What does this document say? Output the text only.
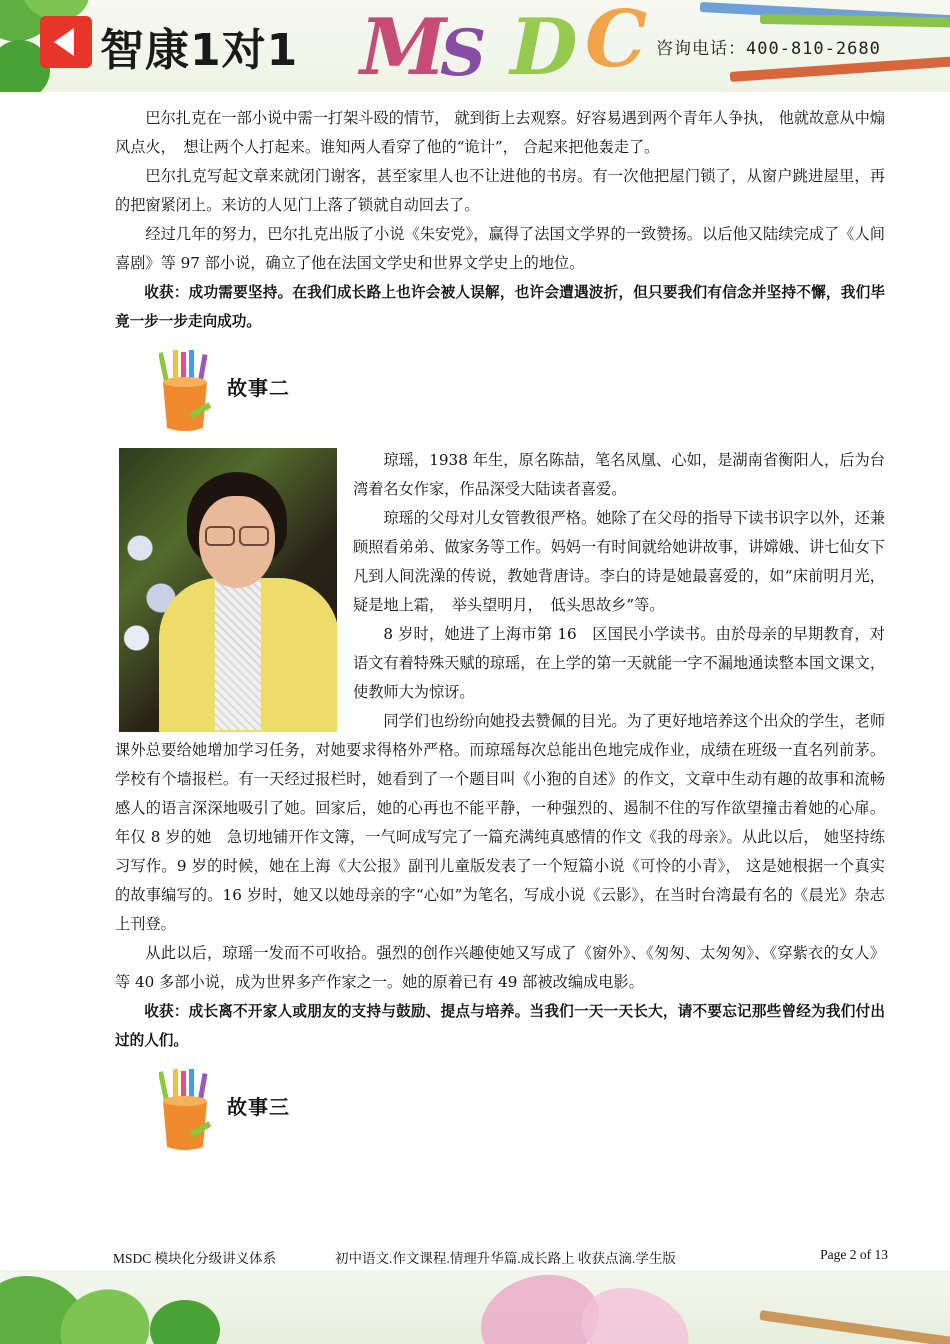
智康1对1 M
S D C 咨询电话：400-810-2680

巴尔扎克在一部小说中需一打架斗殴的情节， 就到街上去观察。好容易遇到两个青年人争执， 他就故意从中煽风点火，　想让两个人打起来。谁知两人看穿了他的“诡计”， 合起来把他轰走了。

巴尔扎克写起文章来就闭门谢客，甚至家里人也不让进他的书房。有一次他把屋门锁了，从窗户跳进屋里，再的把窗紧闭上。来访的人见门上落了锁就自动回去了。

经过几年的努力，巴尔扎克出版了小说《朱安党》，赢得了法国文学界的一致赞扬。以后他又陆续完成了《人间喜剧》等 97 部小说，确立了他在法国文学史和世界文学史上的地位。

收获：成功需要坚持。在我们成长路上也许会被人误解，也许会遭遇波折，但只要我们有信念并坚持不懈，我们毕竟一步一步走向成功。

故事二

琼瑶，1938 年生，原名陈喆，笔名凤凰、心如，是湖南省衡阳人，后为台湾着名女作家，作品深受大陆读者喜爱。

琼瑶的父母对儿女管教很严格。她除了在父母的指导下读书识字以外，还兼顾照看弟弟、做家务等工作。妈妈一有时间就给她讲故事，讲嫦娥、讲七仙女下凡到人间洗澡的传说，教她背唐诗。李白的诗是她最喜爱的，如“床前明月光，疑是地上霜，　举头望明月，　低头思故乡”等。

8 岁时，她进了上海市第 16　区国民小学读书。由於母亲的早期教育，对语文有着特殊天赋的琼瑶，在上学的第一天就能一字不漏地通读整本国文课文，使教师大为惊讶。

同学们也纷纷向她投去赞佩的目光。为了更好地培养这个出众的学生，老师课外总要给她增加学习任务，对她要求得格外严格。而琼瑶每次总能出色地完成作业，成绩在班级一直名列前茅。学校有个墙报栏。有一天经过报栏时，她看到了一个题目叫《小狍的自述》的作文，文章中生动有趣的故事和流畅感人的语言深深地吸引了她。回家后，她的心再也不能平静，一种强烈的、遏制不住的写作欲望撞击着她的心扉。年仅 8 岁的她　急切地铺开作文簿，一气呵成写完了一篇充满纯真感情的作文《我的母亲》。从此以后， 她坚持练习写作。9 岁的时候，她在上海《大公报》副刊儿童版发表了一个短篇小说《可怜的小青》， 这是她根据一个真实的故事编写的。16 岁时，她又以她母亲的字“心如”为笔名，写成小说《云影》，在当时台湾最有名的《晨光》杂志上刊登。

从此以后，琼瑶一发而不可收拾。强烈的创作兴趣使她又写成了《窗外》、《匆匆、太匆匆》、《穿紫衣的女人》等 40 多部小说，成为世界多产作家之一。她的原着已有 49 部被改编成电影。

收获：成长离不开家人或朋友的支持与鼓励、提点与培养。当我们一天一天长大，请不要忘记那些曾经为我们付出过的人们。

故事三
MSDC 模块化分级讲义体系	初中语文.作文课程.情理升华篇.成长路上 收获点滴.学生版	Page 2 of 13
